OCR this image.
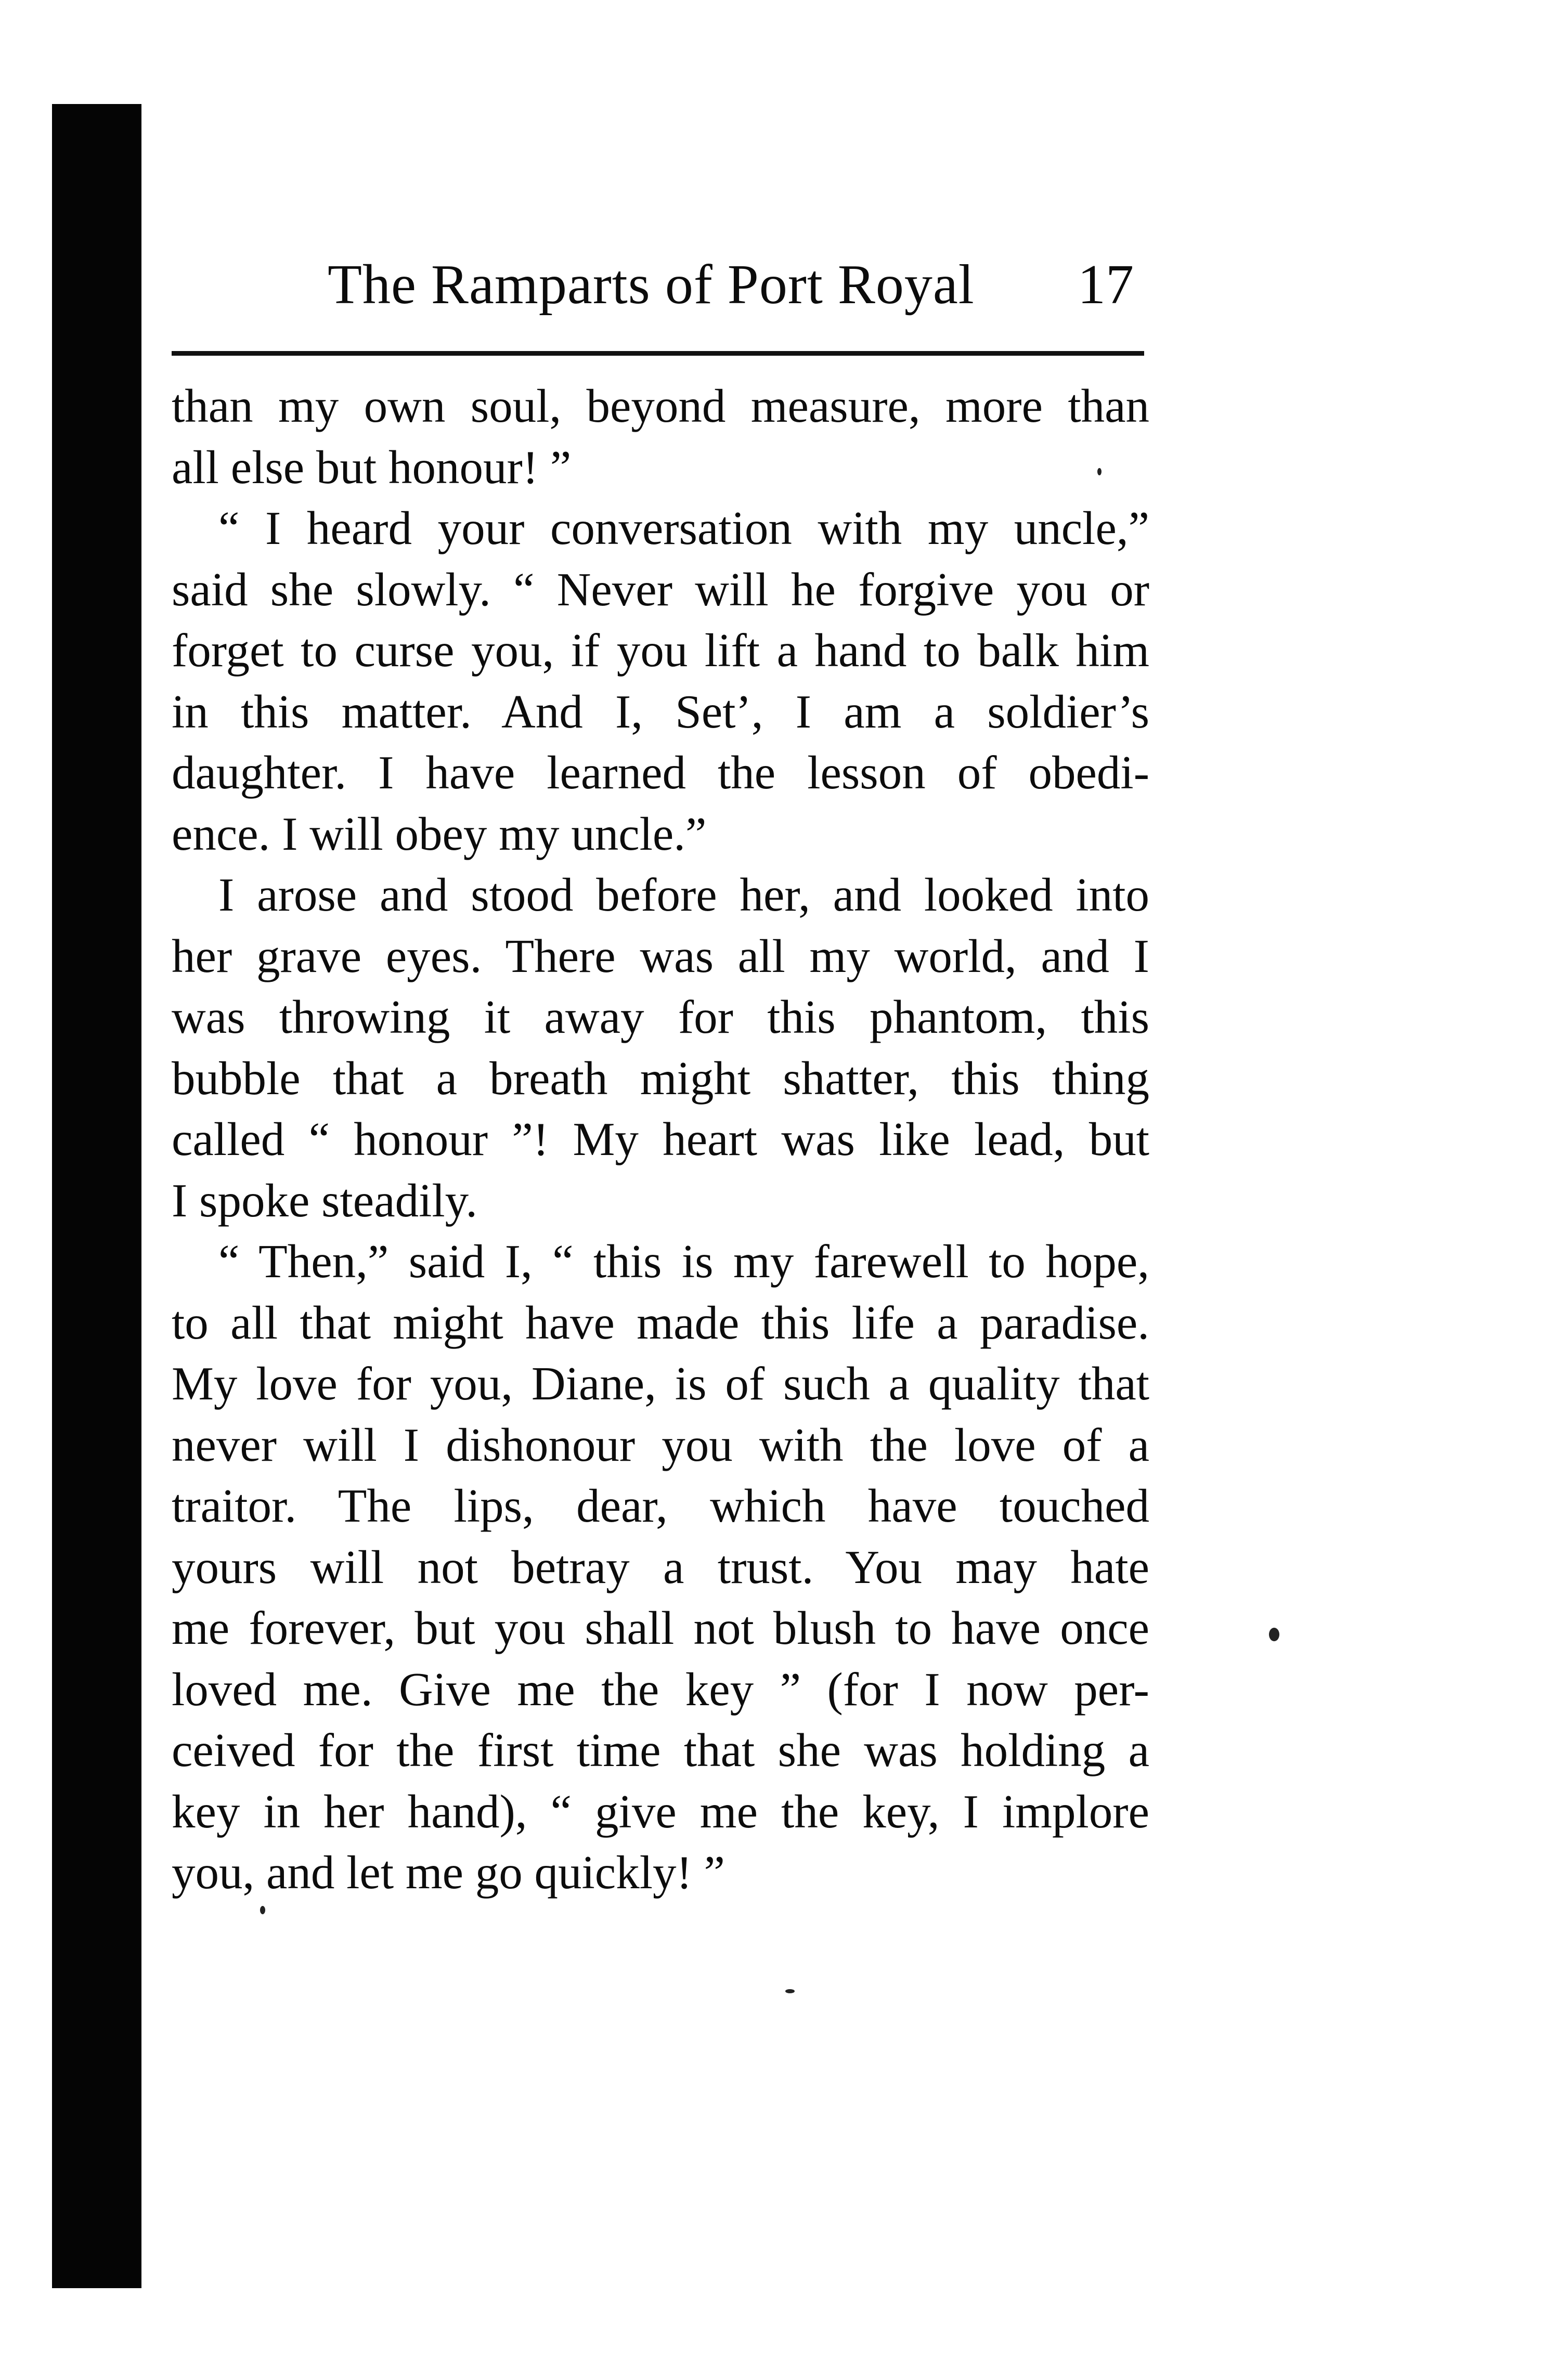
The Ramparts of Port Royal 17
than my own soul, beyond measure, more than
all else but honour! ”
“ I heard your conversation with my uncle,”
said she slowly. “ Never will he forgive you or
forget to curse you, if you lift a hand to balk him
in this matter. And I, Set’, I am a soldier’s
daughter. I have learned the lesson of obedi-
ence. I will obey my uncle.”
I arose and stood before her, and looked into
her grave eyes. There was all my world, and I
was throwing it away for this phantom, this
bubble that a breath might shatter, this thing
called “ honour ”! My heart was like lead, but
I spoke steadily.
“ Then,” said I, “ this is my farewell to hope,
to all that might have made this life a paradise.
My love for you, Diane, is of such a quality that
never will I dishonour you with the love of a
traitor. The lips, dear, which have touched
yours will not betray a trust. You may hate
me forever, but you shall not blush to have once
loved me. Give me the key ” (for I now per-
ceived for the first time that she was holding a
key in her hand), “ give me the key, I implore
you, and let me go quickly! ”
